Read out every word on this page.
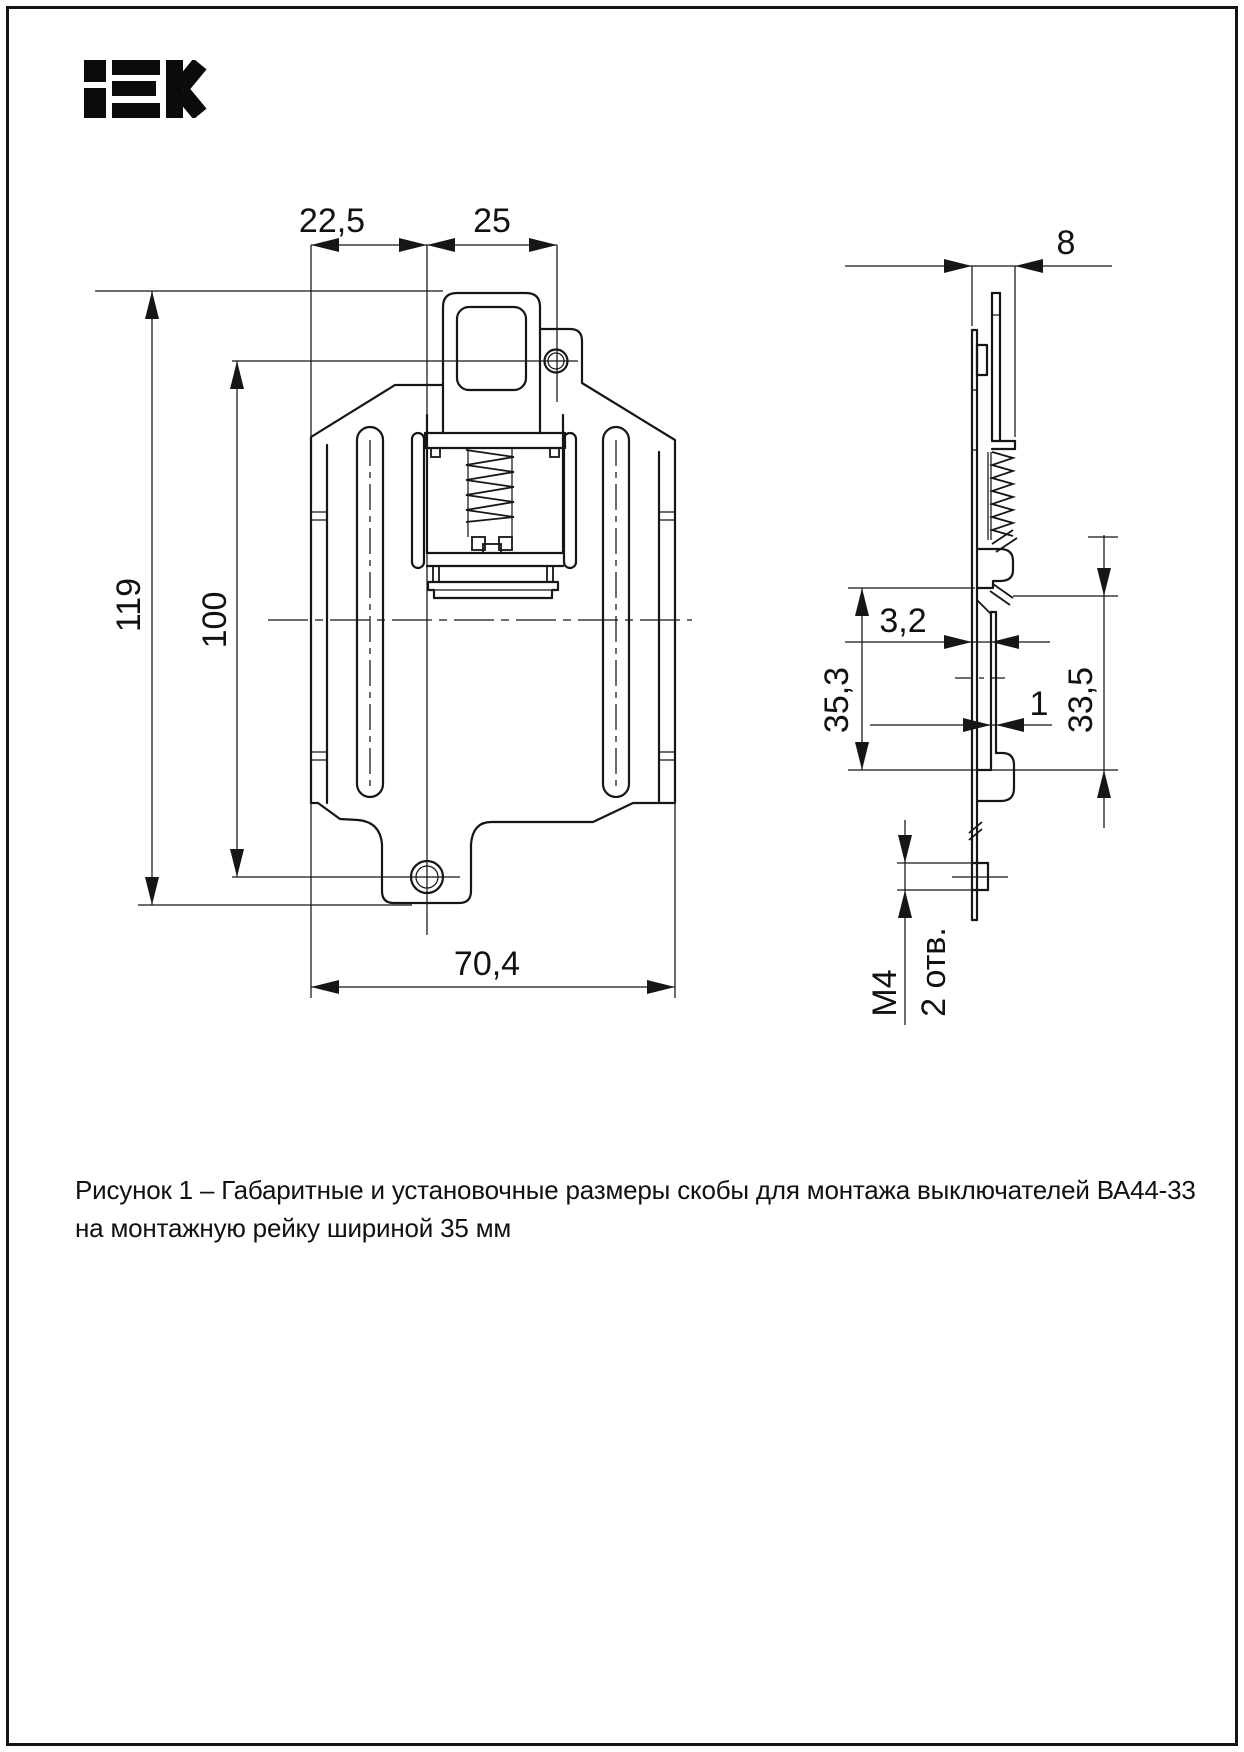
22,5	25
119 100
70,4
8
3,2
1
35,3	33,5
M4 2 отв.

Рисунок 1 – Габаритные и установочные размеры скобы для монтажа выключателей ВА44-33
на монтажную рейку шириной 35 мм
